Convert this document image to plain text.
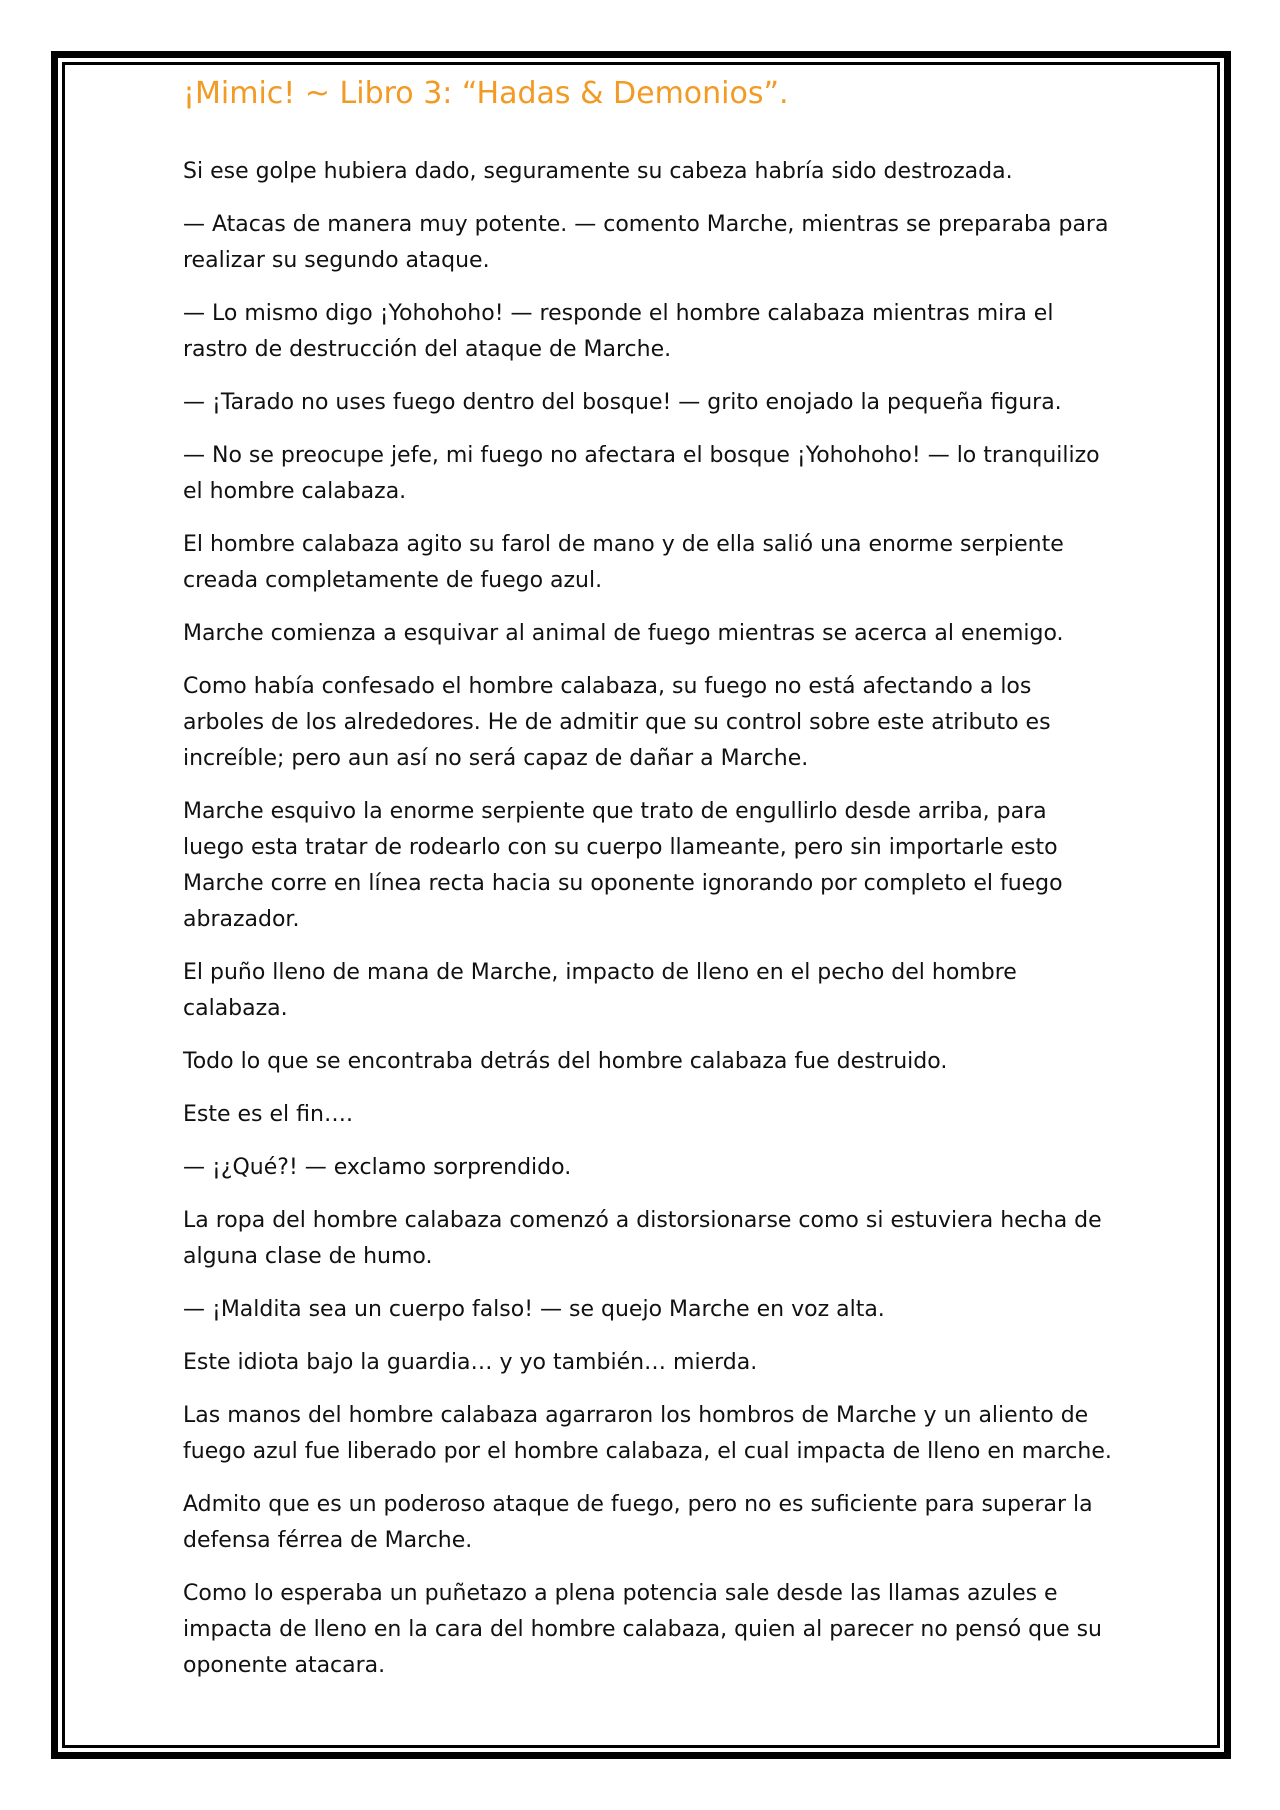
¡Mimic! ~ Libro 3: “Hadas & Demonios”.

Si ese golpe hubiera dado, seguramente su cabeza habría sido destrozada.

— Atacas de manera muy potente. — comento Marche, mientras se preparaba para realizar su segundo ataque.

— Lo mismo digo ¡Yohohoho! — responde el hombre calabaza mientras mira el rastro de destrucción del ataque de Marche.

— ¡Tarado no uses fuego dentro del bosque! — grito enojado la pequeña figura.

— No se preocupe jefe, mi fuego no afectara el bosque ¡Yohohoho! — lo tranquilizo el hombre calabaza.

El hombre calabaza agito su farol de mano y de ella salió una enorme serpiente creada completamente de fuego azul.

Marche comienza a esquivar al animal de fuego mientras se acerca al enemigo.

Como había confesado el hombre calabaza, su fuego no está afectando a los arboles de los alrededores. He de admitir que su control sobre este atributo es increíble; pero aun así no será capaz de dañar a Marche.

Marche esquivo la enorme serpiente que trato de engullirlo desde arriba, para luego esta tratar de rodearlo con su cuerpo llameante, pero sin importarle esto Marche corre en línea recta hacia su oponente ignorando por completo el fuego abrazador.

El puño lleno de mana de Marche, impacto de lleno en el pecho del hombre calabaza.

Todo lo que se encontraba detrás del hombre calabaza fue destruido.

Este es el fin….

— ¡¿Qué?! — exclamo sorprendido.

La ropa del hombre calabaza comenzó a distorsionarse como si estuviera hecha de alguna clase de humo.

— ¡Maldita sea un cuerpo falso! — se quejo Marche en voz alta.

Este idiota bajo la guardia… y yo también… mierda.

Las manos del hombre calabaza agarraron los hombros de Marche y un aliento de fuego azul fue liberado por el hombre calabaza, el cual impacta de lleno en marche.

Admito que es un poderoso ataque de fuego, pero no es suficiente para superar la defensa férrea de Marche.

Como lo esperaba un puñetazo a plena potencia sale desde las llamas azules e impacta de lleno en la cara del hombre calabaza, quien al parecer no pensó que su oponente atacara.
